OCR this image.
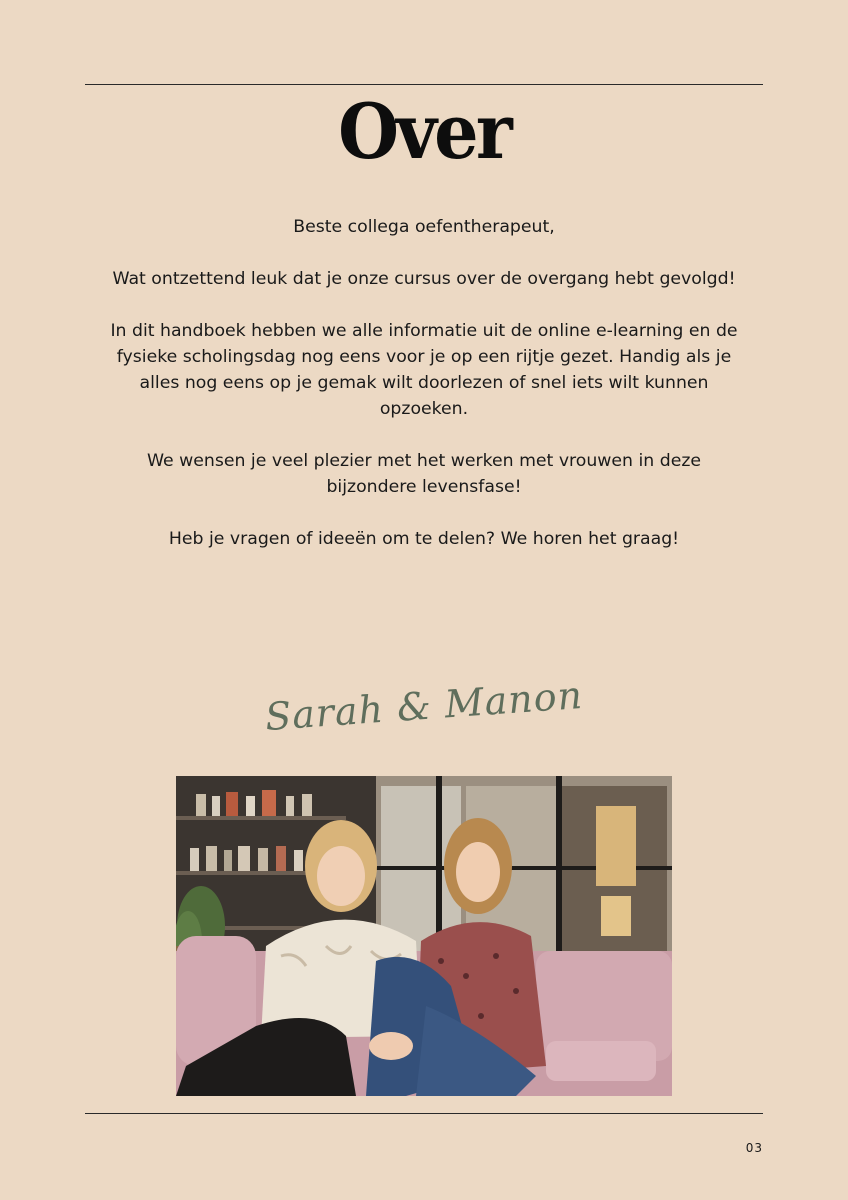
Over

Beste collega oefentherapeut,

Wat ontzettend leuk dat je onze cursus over de overgang hebt gevolgd!

In dit handboek hebben we alle informatie uit de online e-learning en de fysieke scholingsdag nog eens voor je op een rijtje gezet. Handig als je alles nog eens op je gemak wilt doorlezen of snel iets wilt kunnen opzoeken.

We wensen je veel plezier met het werken met vrouwen in deze bijzondere levensfase!

Heb je vragen of ideeën om te delen? We horen het graag!

Sarah & Manon
03
